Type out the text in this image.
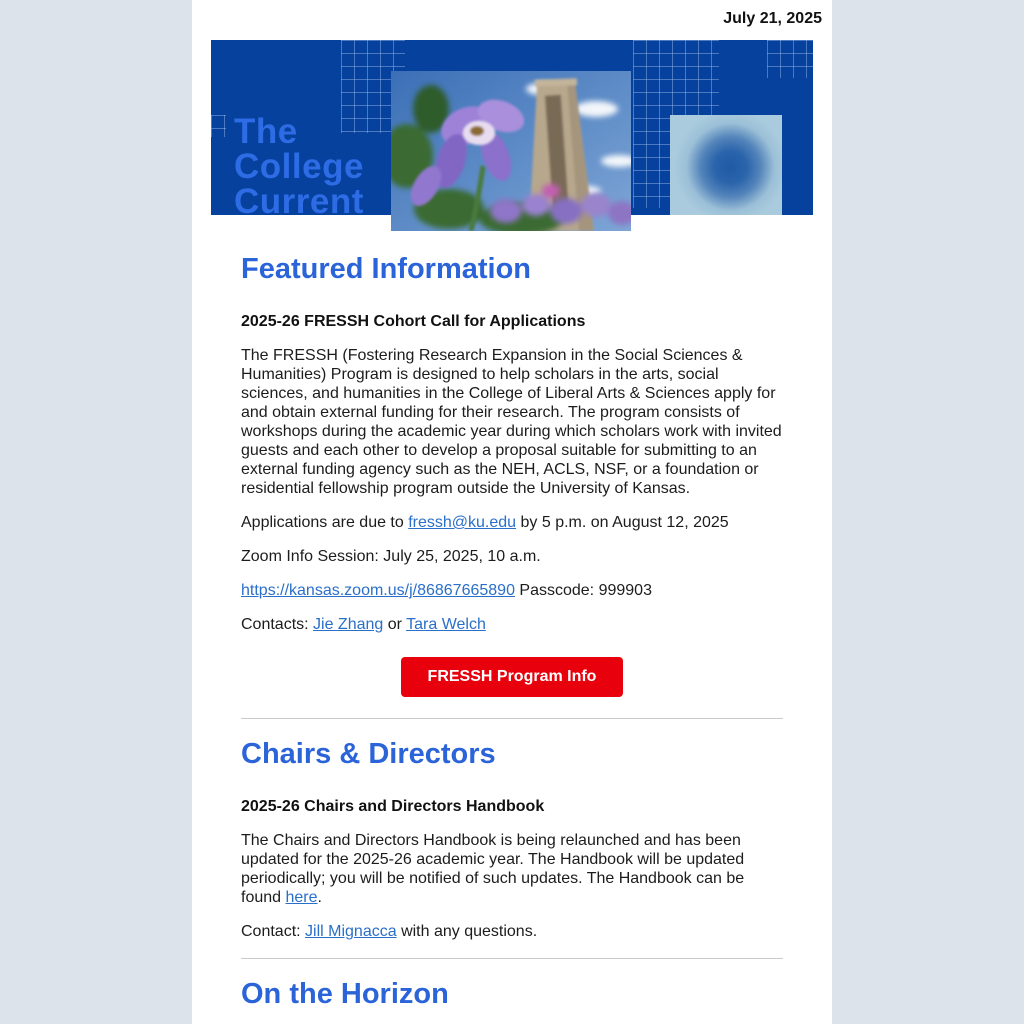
July 21, 2025
The
College
Current
Featured Information
2025-26 FRESSH Cohort Call for Applications

The FRESSH (Fostering Research Expansion in the Social Sciences & Humanities) Program is designed to help scholars in the arts, social sciences, and humanities in the College of Liberal Arts & Sciences apply for and obtain external funding for their research. The program consists of workshops during the academic year during which scholars work with invited guests and each other to develop a proposal suitable for submitting to an external funding agency such as the NEH, ACLS, NSF, or a foundation or residential fellowship program outside the University of Kansas.

Applications are due to fressh@ku.edu by 5 p.m. on August 12, 2025

Zoom Info Session: July 25, 2025, 10 a.m.

https://kansas.zoom.us/j/86867665890 Passcode: 999903

Contacts: Jie Zhang or Tara Welch

FRESSH Program Info
Chairs & Directors
2025-26 Chairs and Directors Handbook

The Chairs and Directors Handbook is being relaunched and has been updated for the 2025-26 academic year. The Handbook will be updated periodically; you will be notified of such updates. The Handbook can be found here.

Contact: Jill Mignacca with any questions.

On the Horizon
